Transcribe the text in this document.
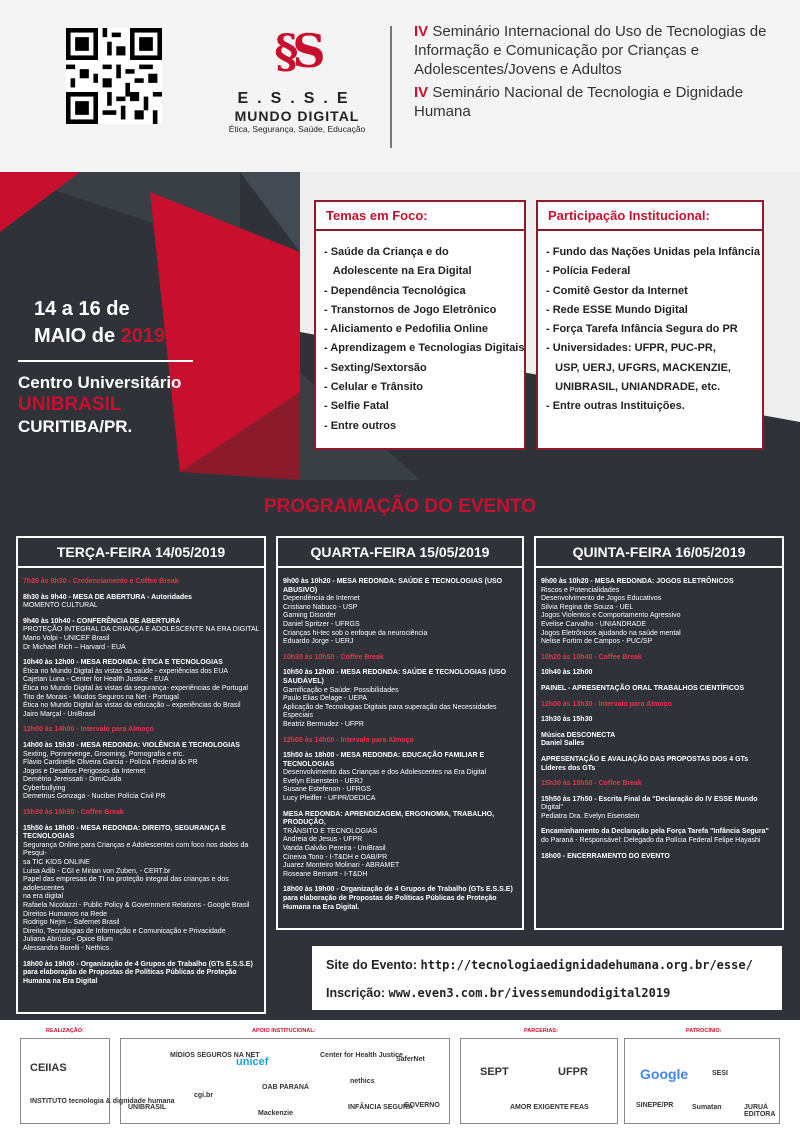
§S
E.S.S.E
MUNDO DIGITAL
Ética, Segurança, Saúde, Educação

IV Seminário Internacional do Uso de Tecnologias de Informação e Comunicação por Crianças e Adolescentes/Jovens e Adultos

IV Seminário Nacional de Tecnologia e Dignidade Humana

14 a 16 de
MAIO de 2019
Centro Universitário
UNIBRASIL
CURITIBA/PR.
Temas em Foco:
- Saúde da Criança e do
Adolescente na Era Digital
- Dependência Tecnológica
- Transtornos de Jogo Eletrônico
- Aliciamento e Pedofilia Online
- Aprendizagem e Tecnologias Digitais
- Sexting/Sextorsão
- Celular e Trânsito
- Selfie Fatal
- Entre outros
Participação Institucional:
- Fundo das Nações Unidas pela Infância
- Polícia Federal
- Comitê Gestor da Internet
- Rede ESSE Mundo Digital
- Força Tarefa Infância Segura do PR
- Universidades: UFPR, PUC-PR,
USP, UERJ, UFGRS, MACKENZIE,
UNIBRASIL, UNIANDRADE, etc.
- Entre outras Instituições.
PROGRAMAÇÃO DO EVENTO
TERÇA-FEIRA 14/05/2019
7h30 às 8h30 - Credenciamento e Coffee Break
8h30 às 9h40 - MESA DE ABERTURA - Autoridades
MOMENTO CULTURAL
9h40 às 10h40 - CONFERÊNCIA DE ABERTURA
PROTEÇÃO INTEGRAL DA CRIANÇA E ADOLESCENTE NA ERA DIGITAL
Mario Volpi - UNICEF Brasil
Dr Michael Rich – Harvard - EUA
10h40 às 12h00 - MESA REDONDA: ÉTICA E TECNOLOGIAS
Ética no Mundo Digital às vistas da saúde - experiências dos EUA
Cajetan Luna - Center for Health Justice - EUA
Ética no Mundo Digital às vistas da segurança- experiências de Portugal
Tito de Morais - Miudos Seguros na Net - Portugal
Ética no Mundo Digital às vistas da educação – experiências do Brasil
Jairo Marçal - UniBrasil
12h00 às 14h00 - Intervalo para Almoço
14h00 às 15h30 - MESA REDONDA: VIOLÊNCIA E TECNOLOGIAS
Sexting, Pornrevenge, Grooming, Pornografia e etc.
Flávio Cardinelle Oliveira Garcia - Polícia Federal do PR
Jogos e Desafios Perigosos da Internet
Demétrio Jereissati - DimiCuida
Cyberbullying
Demetrius Gonzaga - Nuciber Polícia Civil PR
15h30 às 15h50 - Coffee Break
15h50 às 18h00 - MESA REDONDA: DIREITO, SEGURANÇA E TECNOLOGIAS
Segurança Online para Crianças e Adolescentes com foco nos dados da Pesqui-
sa TIC KIDS ONLINE
Luisa Adib - CGI e Mirian von Zuben, - CERT.br
Papel das empresas de TI na proteção integral das crianças e dos adolescentes
na era digital
Rafaela Nicolazzi - Public Policy & Government Relations - Google Brasil
Direitos Humanos na Rede
Rodrigo Nejm – Safernet Brasil
Direito, Tecnologias de Informação e Comunicação e Privacidade
Juliana Abrúsio - Opice Blum
Alessandra Borelli - Nethics
18h00 às 19h00 - Organização de 4 Grupos de Trabalho (GTs E.S.S.E)
para elaboração de Propostas de Políticas Públicas de Proteção
Humana na Era Digital
QUARTA-FEIRA 15/05/2019
9h00 às 10h20 - MESA REDONDA: SAÚDE E TECNOLOGIAS (USO ABUSIVO)
Dependência de Internet
Cristiano Nabuco - USP
Gaming Disorder
Daniel Spritzer - UFRGS
Crianças hi-tec sob o enfoque da neurociência
Eduardo Jorge - UERJ
10h30 às 10h50 - Coffee Break
10h50 às 12h00 - MESA REDONDA: SAÚDE E TECNOLOGIAS (USO SAUDÁVEL)
Gamificação e Saúde: Possibilidades
Paulo Elias Delage - UEPA
Aplicação de Tecnologias Digitais para superação das Necessidades Especiais
Beatriz Bermudez - UFPR
12h00 às 14h00 - Intervalo para Almoço
15h50 às 18h00 - MESA REDONDA: EDUCAÇÃO FAMILIAR E TECNOLOGIAS
Desenvolvimento das Crianças e dos Adolescentes na Era Digital
Evelyn Eisenstein - UERJ
Susane Estefenon - UFRGS
Lucy Pfeiffer - UFPR/DEDICA
MESA REDONDA: APRENDIZAGEM, ERGONOMIA, TRABALHO, PRODUÇÃO,
TRÂNSITO E TECNOLOGIAS
Andreia de Jesus - UFPR
Vanda Galvão Pereira - UniBrasil
Cineiva Tono - I-T&DH e OAB/PR
Juarez Monteiro Molinari - ABRAMET
Roseane Bernartt - I-T&DH
18h00 às 19h00 - Organização de 4 Grupos de Trabalho (GTs E.S.S.E)
para elaboração de Propostas de Políticas Públicas de Proteção
Humana na Era Digital.
QUINTA-FEIRA 16/05/2019
9h00 às 10h20 - MESA REDONDA: JOGOS ELETRÔNICOS
Riscos e Potencialidades
Desenvolvimento de Jogos Educativos
Silvia Regina de Souza - UEL
Jogos Violentos e Comportamento Agressivo
Evelise Carvalho - UNIANDRADE
Jogos Eletrônicos ajudando na saúde mental
Nelise Fortim de Campos - PUC/SP
10h20 às 10h40 - Coffee Break
10h40 às 12h00
PAINEL - APRESENTAÇÃO ORAL TRABALHOS CIENTÍFICOS
12h00 às 13h30 - Intervalo para Almoço
13h30 às 15h30
Música DESCONECTA
Daniel Salles
APRESENTAÇÃO E AVALIAÇÃO DAS PROPOSTAS DOS 4 GTs
Líderes dos GTs
15h30 às 15h50 - Coffee Break
15h50 às 17h50 - Escrita Final da "Declaração do IV ESSE Mundo
Digital"
Pediatra Dra. Evelyn Eisenstein
Encaminhamento da Declaração pela Força Tarefa "Infância Segura"
do Paraná - Responsável: Delegado da Polícia Federal Felipe Hayashi
18h00 - ENCERRAMENTO DO EVENTO
Site do Evento: http://tecnologiaedignidadehumana.org.br/esse/
Inscrição: www.even3.com.br/ivessemundodigital2019
REALIZAÇÃO:	APOIO INSTITUCIONAL:	PARCERIAS:	PATROCÍNIO:
CEIIAS
INSTITUTO tecnologia & dignidade humana
MÍDIOS SEGUROS NA NET
unicef
Center for Health Justice
SaferNet
UNIBRASIL
cgi.br
OAB PARANÁ
nethics
Mackenzie
INFÂNCIA SEGURA
GOVERNO
SEPT	UFPR
AMOR EXIGENTE FEAS
Google	SESI
SINEPE/PR	Sumatan	JURUÁ EDITORA
